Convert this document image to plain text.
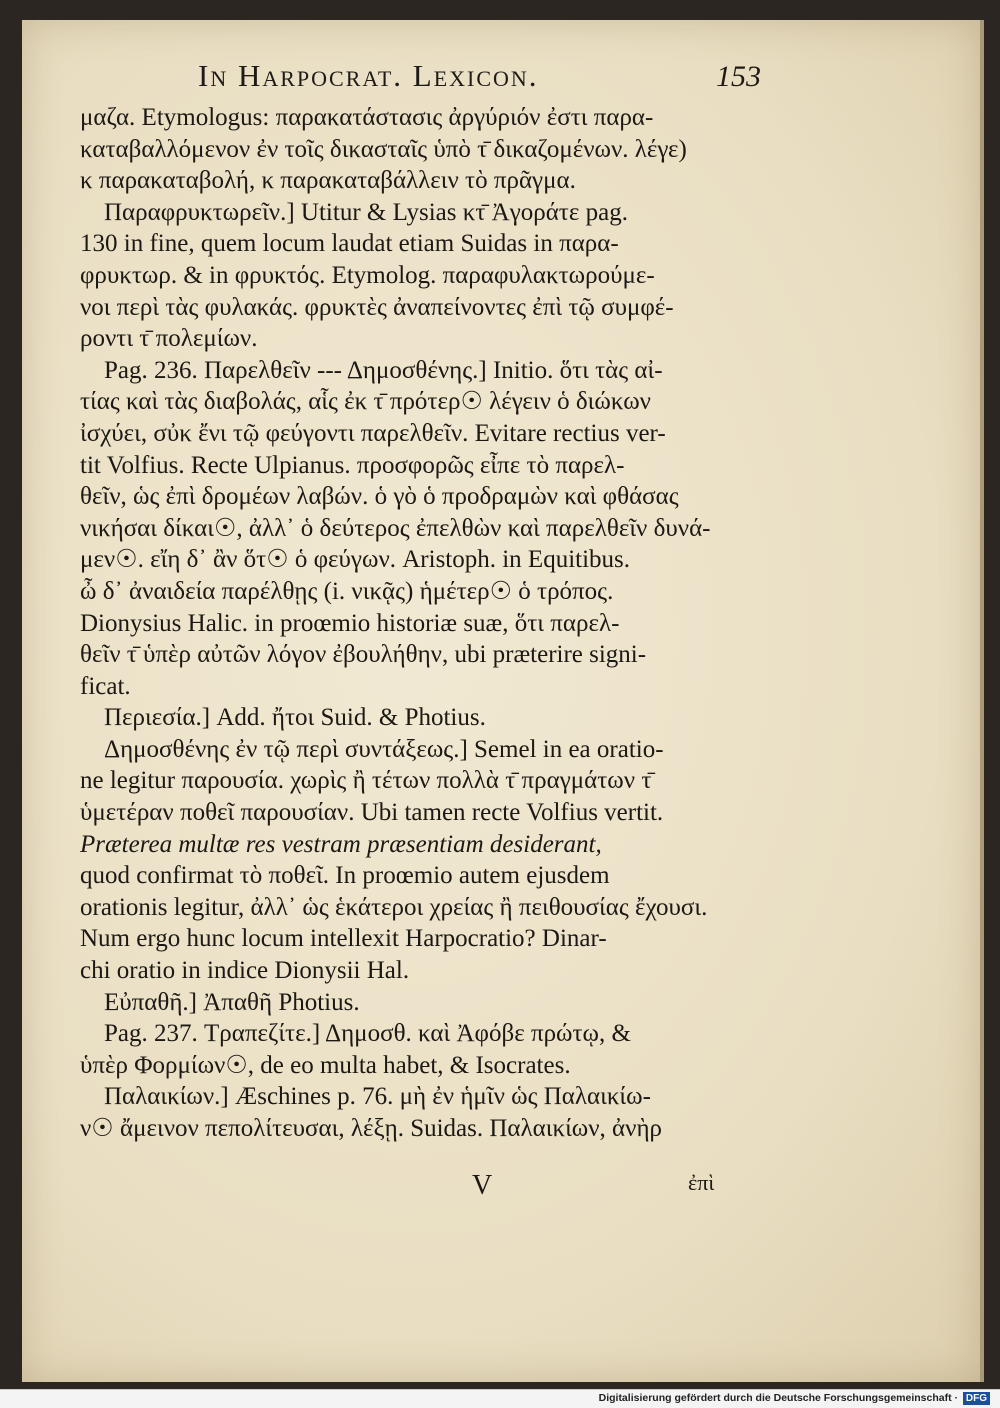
In Harpocrat. Lexicon.	153
μαζα. Etymologus: παρακατάστασις ἀργύριόν ἐστι παρα-
καταβαλλόμενον ἐν τοῖς δικασταῖς ὑπὸ τ̄ δικαζομένων. λέγε)
κ παρακαταβολή, κ παρακαταβάλλειν τὸ πρᾶγμα.
Παραφρυκτωρεῖν.] Utitur & Lysias κτ̄ Ἀγοράτε pag.
130 in fine, quem locum laudat etiam Suidas in παρα-
φρυκτωρ. & in φρυκτός. Etymolog. παραφυλακτωρούμε-
νοι περὶ τὰς φυλακάς. φρυκτὲς ἀναπείνοντες ἐπὶ τῷ συμφέ-
ροντι τ̄ πολεμίων.
Pag. 236. Παρελθεῖν --- Δημοσθένης.] Initio. ὅτι τὰς αἰ-
τίας καὶ τὰς διαβολάς, αἷς ἐκ τ̄ πρότερ☉ λέγειν ὁ διώκων
ἰσχύει, σὐκ ἔνι τῷ φεύγοντι παρελθεῖν. Evitare rectius ver-
tit Volfius. Recte Ulpianus. προσφορῶς εἶπε τὸ παρελ-
θεῖν, ὡς ἐπὶ δρομέων λαβών. ὁ γὸ ὁ προδραμὼν καὶ φθάσας
νικήσαι δίκαι☉, ἀλλ᾽ ὁ δεύτερος ἐπελθὼν καὶ παρελθεῖν δυνά-
μεν☉. εἴη δ᾽ ἂν ὅτ☉ ὁ φεύγων. Aristoph. in Equitibus.
ὦ δ᾽ ἀναιδεία παρέλθῃς (i. νικᾷς) ἡμέτερ☉ ὁ τρόπος.
Dionysius Halic. in proœmio historiæ suæ, ὅτι παρελ-
θεῖν τ̄ ὑπὲρ αὐτῶν λόγον ἐβουλήθην, ubi præterire signi-
ficat.
Περιεσία.] Add. ἤτοι Suid. & Photius.
Δημοσθένης ἐν τῷ περὶ συντάξεως.] Semel in ea oratio-
ne legitur παρουσία. χωρὶς ἢ τέτων πολλὰ τ̄ πραγμάτων τ̄
ὑμετέραν ποθεῖ παρουσίαν. Ubi tamen recte Volfius vertit.
Præterea multæ res vestram præsentiam desiderant,
quod confirmat τὸ ποθεῖ. In proœmio autem ejusdem
orationis legitur, ἀλλ᾽ ὡς ἑκάτεροι χρείας ἢ πειθουσίας ἔχουσι.
Num ergo hunc locum intellexit Harpocratio? Dinar-
chi oratio in indice Dionysii Hal.
Εὐπαθῆ.] Ἀπαθῆ Photius.
Pag. 237. Τραπεζίτε.] Δημοσθ. καὶ Ἀφόβε πρώτῳ, &
ὑπὲρ Φορμίων☉, de eo multa habet, & Isocrates.
Παλαικίων.] Æschines p. 76. μὴ ἐν ἡμῖν ὡς Παλαικίω-
ν☉ ἄμεινον πεπολίτευσαι, λέξῃ. Suidas. Παλαικίων, ἀνὴρ
V	ἐπὶ
Digitalisierung gefördert durch die Deutsche Forschungsgemeinschaft · DFG
